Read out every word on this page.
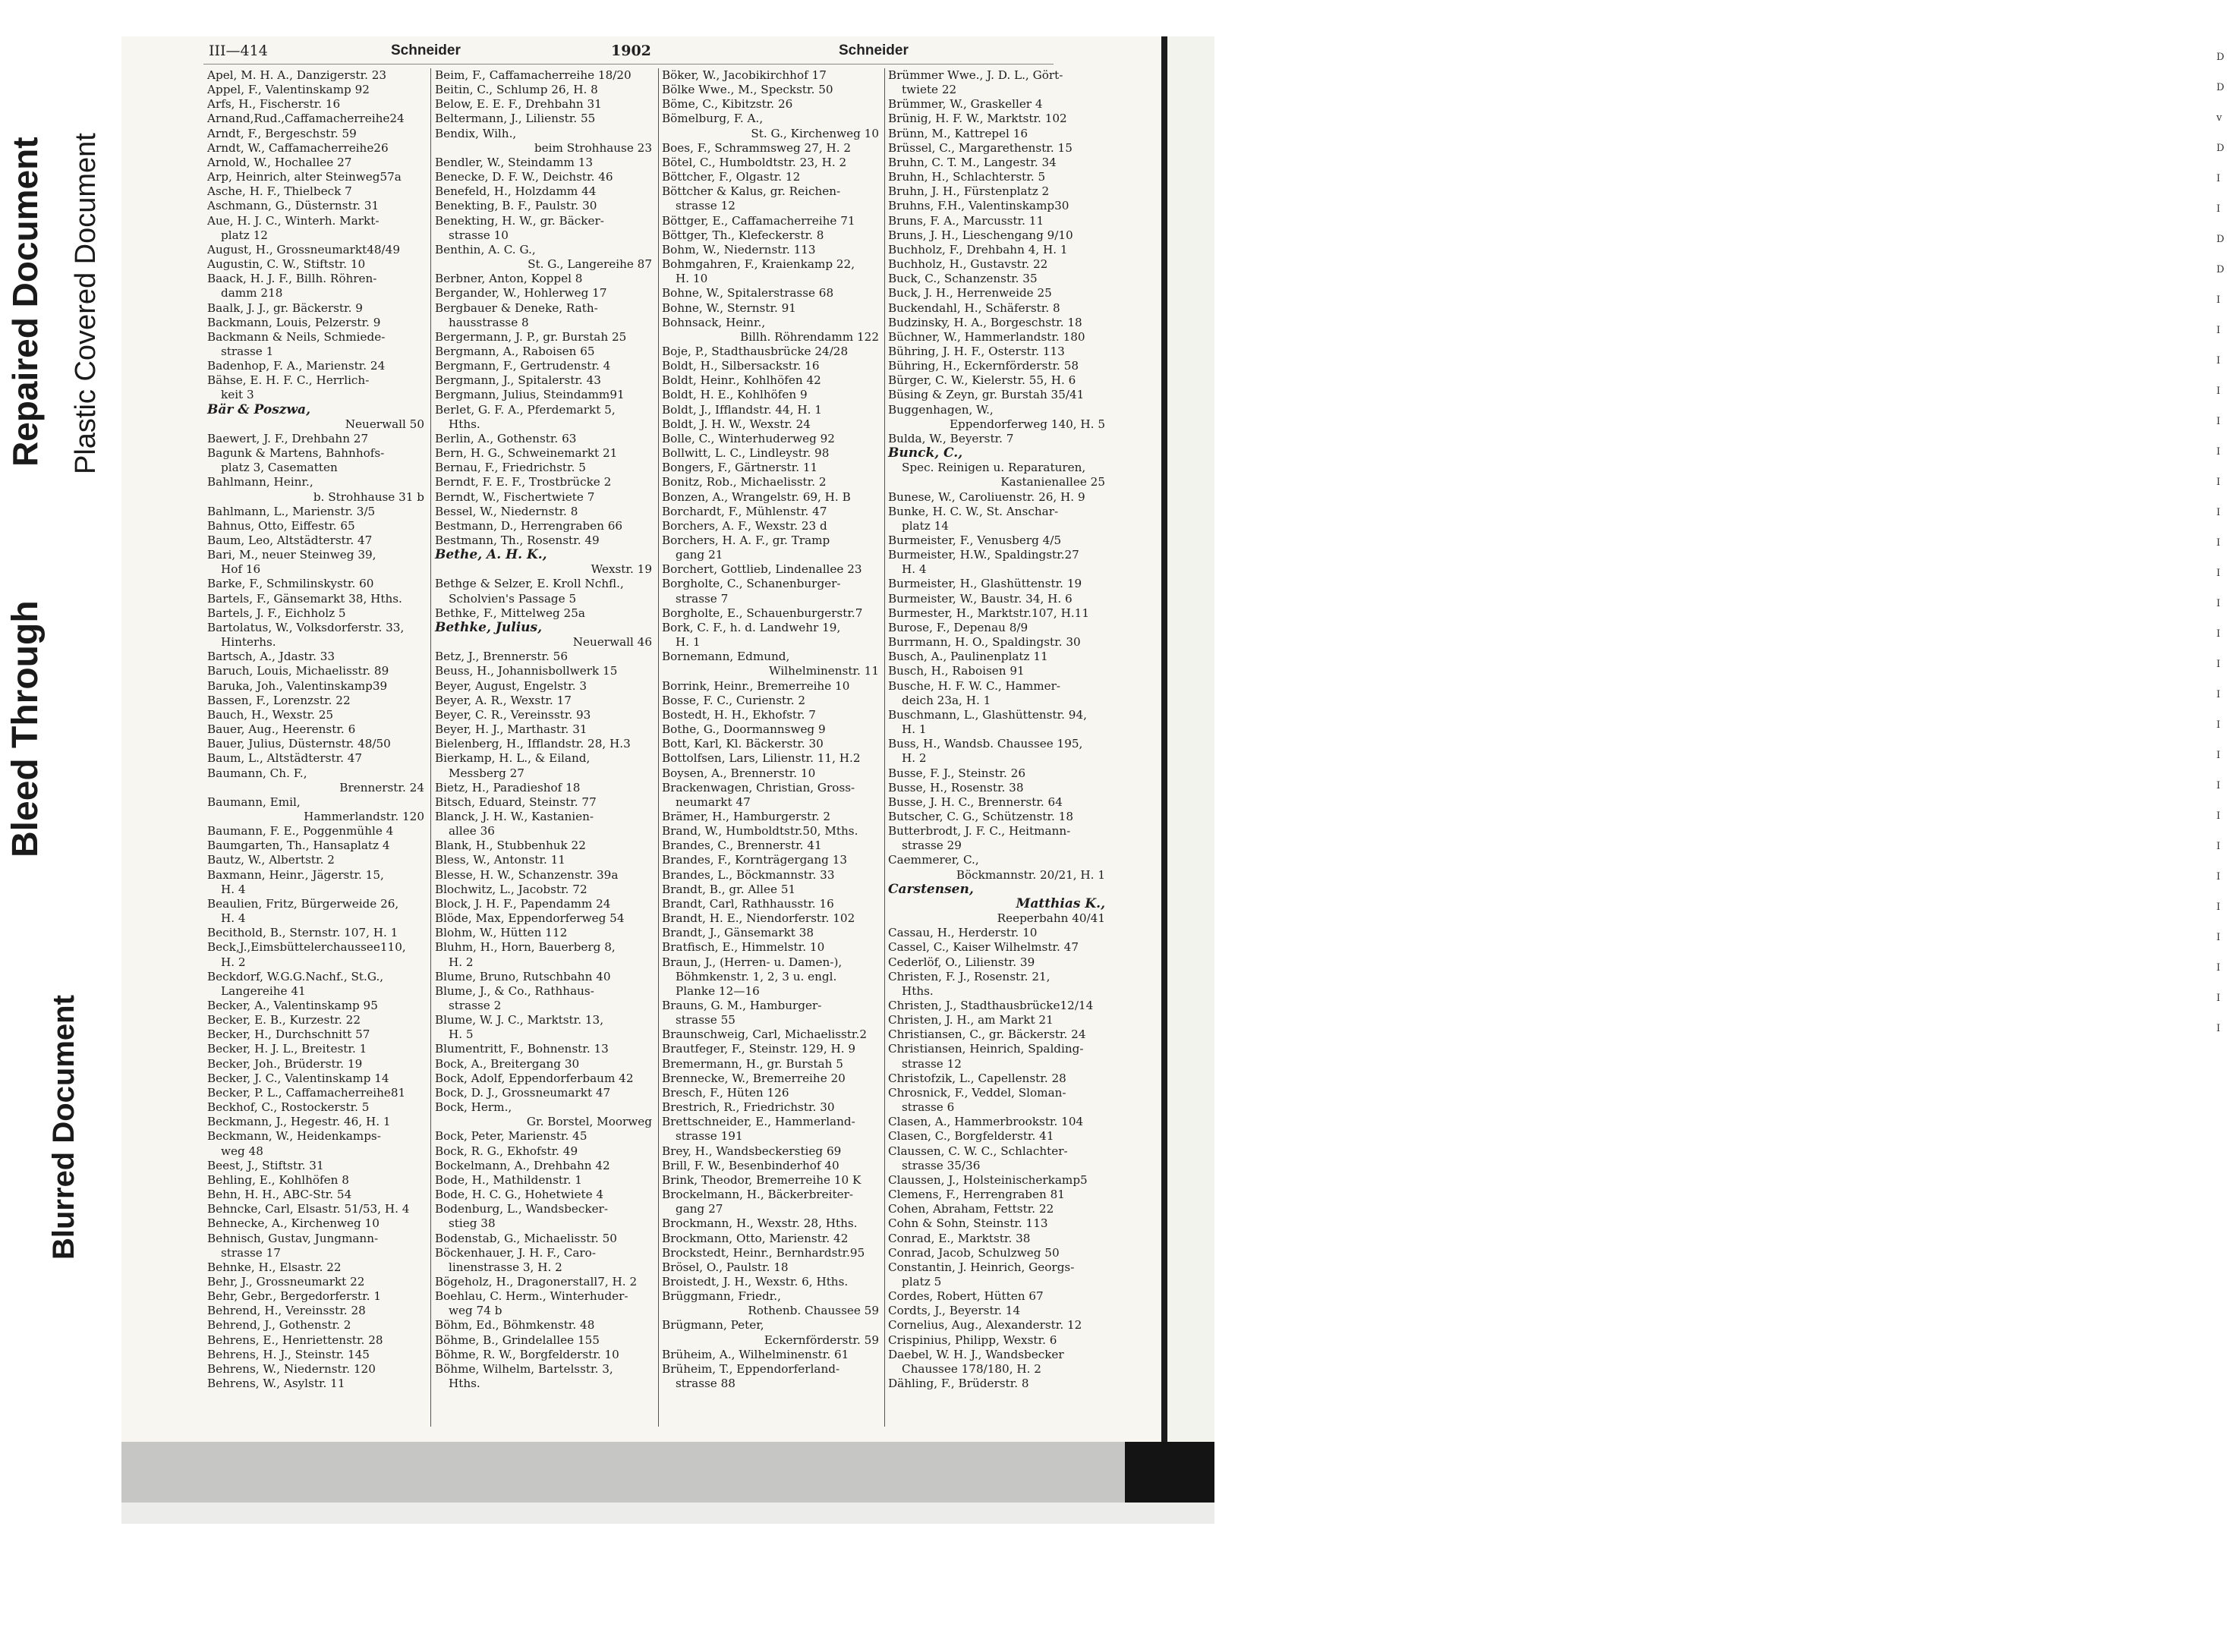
Bleed Through
Repaired Document
Blurred Document
Plastic Covered Document
III—414	Schneider	1902	Schneider
Apel, M. H. A., Danzigerstr. 23
Appel, F., Valentinskamp 92
Arfs, H., Fischerstr. 16
Arnand,Rud.,Caffamacherreihe24
Arndt, F., Bergeschstr. 59
Arndt, W., Caffamacherreihe26
Arnold, W., Hochallee 27
Arp, Heinrich, alter Steinweg57a
Asche, H. F., Thielbeck 7
Aschmann, G., Düsternstr. 31
Aue, H. J. C., Winterh. Markt-
platz 12
August, H., Grossneumarkt48/49
Augustin, C. W., Stiftstr. 10
Baack, H. J. F., Billh. Röhren-
damm 218
Baalk, J. J., gr. Bäckerstr. 9
Backmann, Louis, Pelzerstr. 9
Backmann & Neils, Schmiede-
strasse 1
Badenhop, F. A., Marienstr. 24
Bähse, E. H. F. C., Herrlich-
keit 3
Bär & Poszwa,
Neuerwall 50
Baewert, J. F., Drehbahn 27
Bagunk & Martens, Bahnhofs-
platz 3, Casematten
Bahlmann, Heinr.,
b. Strohhause 31 b
Bahlmann, L., Marienstr. 3/5
Bahnus, Otto, Eiffestr. 65
Baum, Leo, Altstädterstr. 47
Bari, M., neuer Steinweg 39,
Hof 16
Barke, F., Schmilinskystr. 60
Bartels, F., Gänsemarkt 38, Hths.
Bartels, J. F., Eichholz 5
Bartolatus, W., Volksdorferstr. 33,
Hinterhs.
Bartsch, A., Jdastr. 33
Baruch, Louis, Michaelisstr. 89
Baruka, Joh., Valentinskamp39
Bassen, F., Lorenzstr. 22
Bauch, H., Wexstr. 25
Bauer, Aug., Heerenstr. 6
Bauer, Julius, Düsternstr. 48/50
Baum, L., Altstädterstr. 47
Baumann, Ch. F.,
Brennerstr. 24
Baumann, Emil,
Hammerlandstr. 120
Baumann, F. E., Poggenmühle 4
Baumgarten, Th., Hansaplatz 4
Bautz, W., Albertstr. 2
Baxmann, Heinr., Jägerstr. 15,
H. 4
Beaulien, Fritz, Bürgerweide 26,
H. 4
Becithold, B., Sternstr. 107, H. 1
Beck,J.,Eimsbüttelerchaussee110,
H. 2
Beckdorf, W.G.G.Nachf., St.G.,
Langereihe 41
Becker, A., Valentinskamp 95
Becker, E. B., Kurzestr. 22
Becker, H., Durchschnitt 57
Becker, H. J. L., Breitestr. 1
Becker, Joh., Brüderstr. 19
Becker, J. C., Valentinskamp 14
Becker, P. L., Caffamacherreihe81
Beckhof, C., Rostockerstr. 5
Beckmann, J., Hegestr. 46, H. 1
Beckmann, W., Heidenkamps-
weg 48
Beest, J., Stiftstr. 31
Behling, E., Kohlhöfen 8
Behn, H. H., ABC-Str. 54
Behncke, Carl, Elsastr. 51/53, H. 4
Behnecke, A., Kirchenweg 10
Behnisch, Gustav, Jungmann-
strasse 17
Behnke, H., Elsastr. 22
Behr, J., Grossneumarkt 22
Behr, Gebr., Bergedorferstr. 1
Behrend, H., Vereinsstr. 28
Behrend, J., Gothenstr. 2
Behrens, E., Henriettenstr. 28
Behrens, H. J., Steinstr. 145
Behrens, W., Niedernstr. 120
Behrens, W., Asylstr. 11
Beim, F., Caffamacherreihe 18/20
Beitin, C., Schlump 26, H. 8
Below, E. E. F., Drehbahn 31
Beltermann, J., Lilienstr. 55
Bendix, Wilh.,
beim Strohhause 23
Bendler, W., Steindamm 13
Benecke, D. F. W., Deichstr. 46
Benefeld, H., Holzdamm 44
Benekting, B. F., Paulstr. 30
Benekting, H. W., gr. Bäcker-
strasse 10
Benthin, A. C. G.,
St. G., Langereihe 87
Berbner, Anton, Koppel 8
Bergander, W., Hohlerweg 17
Bergbauer & Deneke, Rath-
hausstrasse 8
Bergermann, J. P., gr. Burstah 25
Bergmann, A., Raboisen 65
Bergmann, F., Gertrudenstr. 4
Bergmann, J., Spitalerstr. 43
Bergmann, Julius, Steindamm91
Berlet, G. F. A., Pferdemarkt 5,
Hths.
Berlin, A., Gothenstr. 63
Bern, H. G., Schweinemarkt 21
Bernau, F., Friedrichstr. 5
Berndt, F. E. F., Trostbrücke 2
Berndt, W., Fischertwiete 7
Bessel, W., Niedernstr. 8
Bestmann, D., Herrengraben 66
Bestmann, Th., Rosenstr. 49
Bethe, A. H. K.,
Wexstr. 19
Bethge & Selzer, E. Kroll Nchfl.,
Scholvien's Passage 5
Bethke, F., Mittelweg 25a
Bethke, Julius,
Neuerwall 46
Betz, J., Brennerstr. 56
Beuss, H., Johannisbollwerk 15
Beyer, August, Engelstr. 3
Beyer, A. R., Wexstr. 17
Beyer, C. R., Vereinsstr. 93
Beyer, H. J., Marthastr. 31
Bielenberg, H., Ifflandstr. 28, H.3
Bierkamp, H. L., & Eiland,
Messberg 27
Bietz, H., Paradieshof 18
Bitsch, Eduard, Steinstr. 77
Blanck, J. H. W., Kastanien-
allee 36
Blank, H., Stubbenhuk 22
Bless, W., Antonstr. 11
Blesse, H. W., Schanzenstr. 39a
Blochwitz, L., Jacobstr. 72
Block, J. H. F., Papendamm 24
Blöde, Max, Eppendorferweg 54
Blohm, W., Hütten 112
Bluhm, H., Horn, Bauerberg 8,
H. 2
Blume, Bruno, Rutschbahn 40
Blume, J., & Co., Rathhaus-
strasse 2
Blume, W. J. C., Marktstr. 13,
H. 5
Blumentritt, F., Bohnenstr. 13
Bock, A., Breitergang 30
Bock, Adolf, Eppendorferbaum 42
Bock, D. J., Grossneumarkt 47
Bock, Herm.,
Gr. Borstel, Moorweg
Bock, Peter, Marienstr. 45
Bock, R. G., Ekhofstr. 49
Bockelmann, A., Drehbahn 42
Bode, H., Mathildenstr. 1
Bode, H. C. G., Hohetwiete 4
Bodenburg, L., Wandsbecker-
stieg 38
Bodenstab, G., Michaelisstr. 50
Böckenhauer, J. H. F., Caro-
linenstrasse 3, H. 2
Bögeholz, H., Dragonerstall7, H. 2
Boehlau, C. Herm., Winterhuder-
weg 74 b
Böhm, Ed., Böhmkenstr. 48
Böhme, B., Grindelallee 155
Böhme, R. W., Borgfelderstr. 10
Böhme, Wilhelm, Bartelsstr. 3,
Hths.
Böker, W., Jacobikirchhof 17
Bölke Wwe., M., Speckstr. 50
Böme, C., Kibitzstr. 26
Bömelburg, F. A.,
St. G., Kirchenweg 10
Boes, F., Schrammsweg 27, H. 2
Bötel, C., Humboldtstr. 23, H. 2
Böttcher, F., Olgastr. 12
Böttcher & Kalus, gr. Reichen-
strasse 12
Böttger, E., Caffamacherreihe 71
Böttger, Th., Klefeckerstr. 8
Bohm, W., Niedernstr. 113
Bohmgahren, F., Kraienkamp 22,
H. 10
Bohne, W., Spitalerstrasse 68
Bohne, W., Sternstr. 91
Bohnsack, Heinr.,
Billh. Röhrendamm 122
Boje, P., Stadthausbrücke 24/28
Boldt, H., Silbersackstr. 16
Boldt, Heinr., Kohlhöfen 42
Boldt, H. E., Kohlhöfen 9
Boldt, J., Ifflandstr. 44, H. 1
Boldt, J. H. W., Wexstr. 24
Bolle, C., Winterhuderweg 92
Bollwitt, L. C., Lindleystr. 98
Bongers, F., Gärtnerstr. 11
Bonitz, Rob., Michaelisstr. 2
Bonzen, A., Wrangelstr. 69, H. B
Borchardt, F., Mühlenstr. 47
Borchers, A. F., Wexstr. 23 d
Borchers, H. A. F., gr. Tramp
gang 21
Borchert, Gottlieb, Lindenallee 23
Borgholte, C., Schanenburger-
strasse 7
Borgholte, E., Schauenburgerstr.7
Bork, C. F., h. d. Landwehr 19,
H. 1
Bornemann, Edmund,
Wilhelminenstr. 11
Borrink, Heinr., Bremerreihe 10
Bosse, F. C., Curienstr. 2
Bostedt, H. H., Ekhofstr. 7
Bothe, G., Doormannsweg 9
Bott, Karl, Kl. Bäckerstr. 30
Bottolfsen, Lars, Lilienstr. 11, H.2
Boysen, A., Brennerstr. 10
Brackenwagen, Christian, Gross-
neumarkt 47
Brämer, H., Hamburgerstr. 2
Brand, W., Humboldtstr.50, Mths.
Brandes, C., Brennerstr. 41
Brandes, F., Kornträgergang 13
Brandes, L., Böckmannstr. 33
Brandt, B., gr. Allee 51
Brandt, Carl, Rathhausstr. 16
Brandt, H. E., Niendorferstr. 102
Brandt, J., Gänsemarkt 38
Bratfisch, E., Himmelstr. 10
Braun, J., (Herren- u. Damen-),
Böhmkenstr. 1, 2, 3 u. engl.
Planke 12—16
Brauns, G. M., Hamburger-
strasse 55
Braunschweig, Carl, Michaelisstr.2
Brautfeger, F., Steinstr. 129, H. 9
Bremermann, H., gr. Burstah 5
Brennecke, W., Bremerreihe 20
Bresch, F., Hüten 126
Brestrich, R., Friedrichstr. 30
Brettschneider, E., Hammerland-
strasse 191
Brey, H., Wandsbeckerstieg 69
Brill, F. W., Besenbinderhof 40
Brink, Theodor, Bremerreihe 10 K
Brockelmann, H., Bäckerbreiter-
gang 27
Brockmann, H., Wexstr. 28, Hths.
Brockmann, Otto, Marienstr. 42
Brockstedt, Heinr., Bernhardstr.95
Brösel, O., Paulstr. 18
Broistedt, J. H., Wexstr. 6, Hths.
Brüggmann, Friedr.,
Rothenb. Chaussee 59
Brügmann, Peter,
Eckernförderstr. 59
Brüheim, A., Wilhelminenstr. 61
Brüheim, T., Eppendorferland-
strasse 88
Brümmer Wwe., J. D. L., Gört-
twiete 22
Brümmer, W., Graskeller 4
Brünig, H. F. W., Marktstr. 102
Brünn, M., Kattrepel 16
Brüssel, C., Margarethenstr. 15
Bruhn, C. T. M., Langestr. 34
Bruhn, H., Schlachterstr. 5
Bruhn, J. H., Fürstenplatz 2
Bruhns, F.H., Valentinskamp30
Bruns, F. A., Marcusstr. 11
Bruns, J. H., Lieschengang 9/10
Buchholz, F., Drehbahn 4, H. 1
Buchholz, H., Gustavstr. 22
Buck, C., Schanzenstr. 35
Buck, J. H., Herrenweide 25
Buckendahl, H., Schäferstr. 8
Budzinsky, H. A., Borgeschstr. 18
Büchner, W., Hammerlandstr. 180
Bühring, J. H. F., Osterstr. 113
Bühring, H., Eckernförderstr. 58
Bürger, C. W., Kielerstr. 55, H. 6
Büsing & Zeyn, gr. Burstah 35/41
Buggenhagen, W.,
Eppendorferweg 140, H. 5
Bulda, W., Beyerstr. 7
Bunck, C.,
Spec. Reinigen u. Reparaturen,
Kastanienallee 25
Bunese, W., Caroliuenstr. 26, H. 9
Bunke, H. C. W., St. Anschar-
platz 14
Burmeister, F., Venusberg 4/5
Burmeister, H.W., Spaldingstr.27
H. 4
Burmeister, H., Glashüttenstr. 19
Burmeister, W., Baustr. 34, H. 6
Burmester, H., Marktstr.107, H.11
Burose, F., Depenau 8/9
Burrmann, H. O., Spaldingstr. 30
Busch, A., Paulinenplatz 11
Busch, H., Raboisen 91
Busche, H. F. W. C., Hammer-
deich 23a, H. 1
Buschmann, L., Glashüttenstr. 94,
H. 1
Buss, H., Wandsb. Chaussee 195,
H. 2
Busse, F. J., Steinstr. 26
Busse, H., Rosenstr. 38
Busse, J. H. C., Brennerstr. 64
Butscher, C. G., Schützenstr. 18
Butterbrodt, J. F. C., Heitmann-
strasse 29
Caemmerer, C.,
Böckmannstr. 20/21, H. 1
Carstensen,
Matthias K.,
Reeperbahn 40/41
Cassau, H., Herderstr. 10
Cassel, C., Kaiser Wilhelmstr. 47
Cederlöf, O., Lilienstr. 39
Christen, F. J., Rosenstr. 21,
Hths.
Christen, J., Stadthausbrücke12/14
Christen, J. H., am Markt 21
Christiansen, C., gr. Bäckerstr. 24
Christiansen, Heinrich, Spalding-
strasse 12
Christofzik, L., Capellenstr. 28
Chrosnick, F., Veddel, Sloman-
strasse 6
Clasen, A., Hammerbrookstr. 104
Clasen, C., Borgfelderstr. 41
Claussen, C. W. C., Schlachter-
strasse 35/36
Claussen, J., Holsteinischerkamp5
Clemens, F., Herrengraben 81
Cohen, Abraham, Fettstr. 22
Cohn & Sohn, Steinstr. 113
Conrad, E., Marktstr. 38
Conrad, Jacob, Schulzweg 50
Constantin, J. Heinrich, Georgs-
platz 5
Cordes, Robert, Hütten 67
Cordts, J., Beyerstr. 14
Cornelius, Aug., Alexanderstr. 12
Crispinius, Philipp, Wexstr. 6
Daebel, W. H. J., Wandsbecker
Chaussee 178/180, H. 2
Dähling, F., Brüderstr. 8
D
D
v
D
I
I
D
D
I
I
I
I
I
I
I
I
I
I
I
I
I
I
I
I
I
I
I
I
I
I
I
I
I
